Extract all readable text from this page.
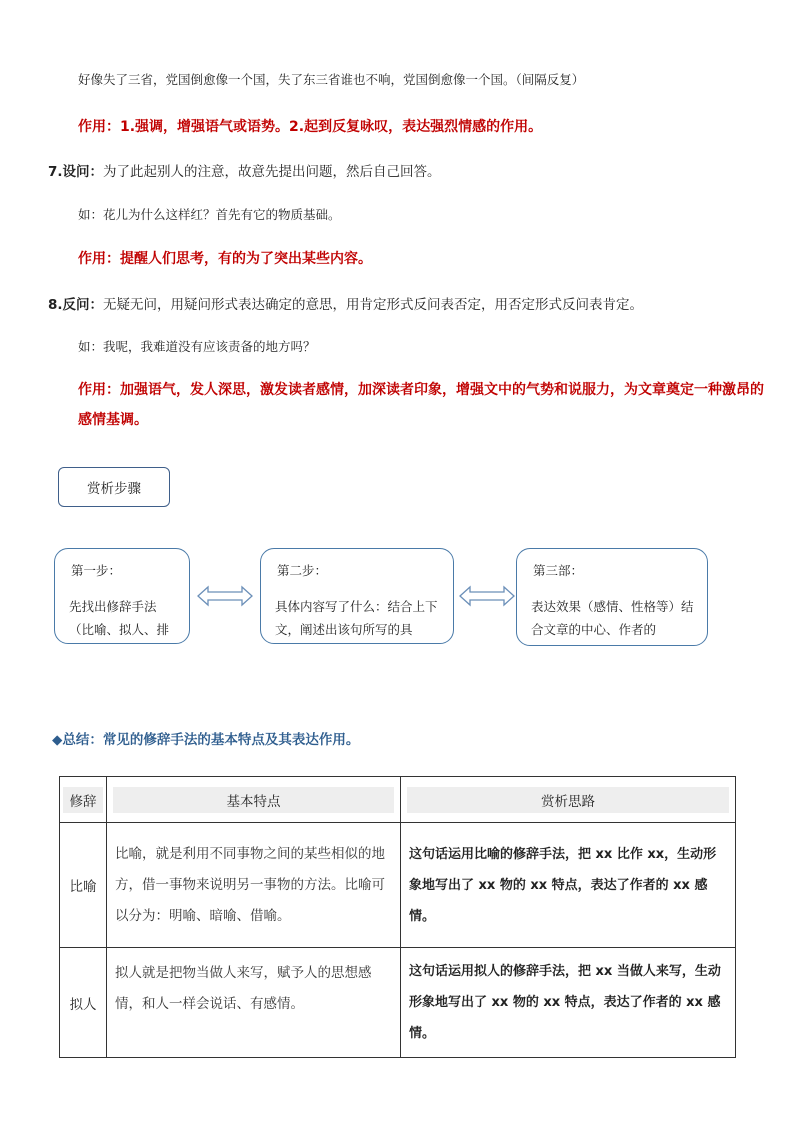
好像失了三省，党国倒愈像一个国，失了东三省谁也不响，党国倒愈像一个国。（间隔反复）
作用：1.强调，增强语气或语势。2.起到反复咏叹，表达强烈情感的作用。
7.设问：为了此起别人的注意，故意先提出问题，然后自己回答。
如：花儿为什么这样红？首先有它的物质基础。
作用：提醒人们思考，有的为了突出某些内容。
8.反问：无疑无问，用疑问形式表达确定的意思，用肯定形式反问表否定，用否定形式反问表肯定。
如：我呢，我难道没有应该责备的地方吗？
作用：加强语气，发人深思，激发读者感情，加深读者印象，增强文中的气势和说服力，为文章奠定一种激昂的感情基调。
赏析步骤
第一步：
先找出修辞手法（比喻、拟人、排
第二步：
具体内容写了什么：结合上下文，阐述出该句所写的具
第三部：
表达效果（感情、性格等）结合文章的中心、作者的
◆总结：常见的修辞手法的基本特点及其表达作用。
修辞	基本特点	赏析思路

比喻	比喻，就是利用不同事物之间的某些相似的地方，借一事物来说明另一事物的方法。比喻可以分为：明喻、暗喻、借喻。	这句话运用比喻的修辞手法，把 xx 比作 xx，生动形象地写出了 xx 物的 xx 特点，表达了作者的 xx 感情。
拟人	拟人就是把物当做人来写，赋予人的思想感情，和人一样会说话、有感情。	这句话运用拟人的修辞手法，把 xx 当做人来写，生动形象地写出了 xx 物的 xx 特点，表达了作者的 xx 感情。
